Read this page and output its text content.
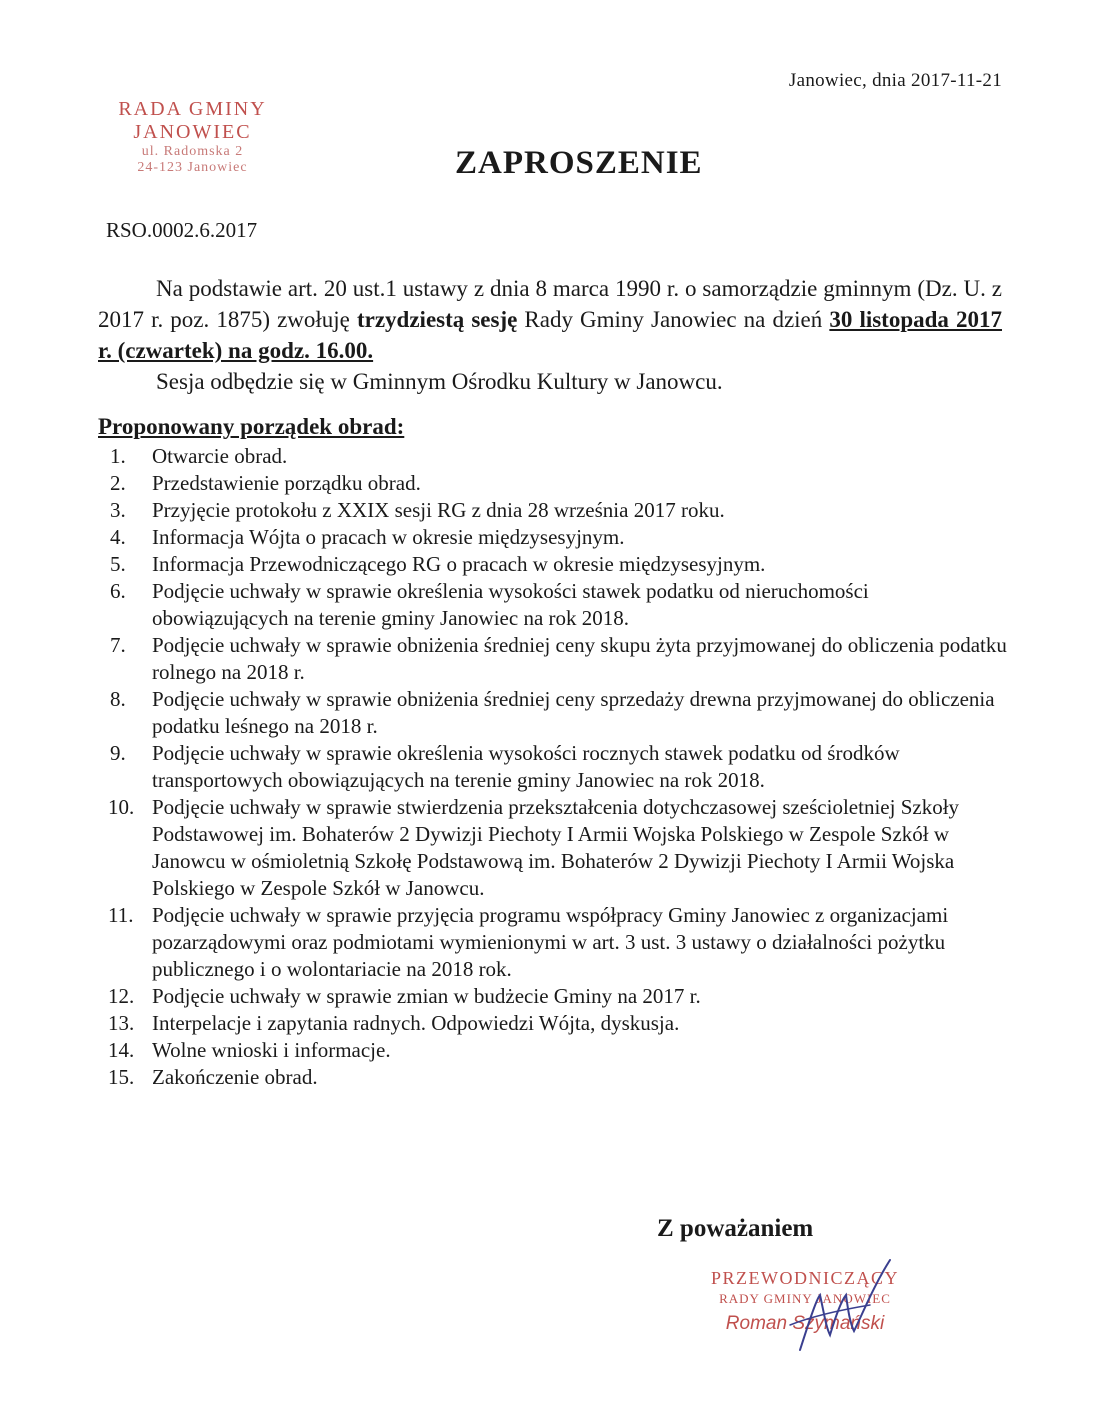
Janowiec, dnia 2017-11-21
RADA GMINY
JANOWIEC
ul. Radomska 2
24-123 Janowiec	ZAPROSZENIE
RSO.0002.6.2017

Na podstawie art. 20 ust.1 ustawy z dnia 8 marca 1990 r. o samorządzie gminnym (Dz. U. z 2017 r. poz. 1875) zwołuję trzydziestą sesję Rady Gminy Janowiec na dzień 30 listopada 2017 r. (czwartek) na godz. 16.00.

Sesja odbędzie się w Gminnym Ośrodku Kultury w Janowcu.

Proponowany porządek obrad:
1.	Otwarcie obrad.
2.	Przedstawienie porządku obrad.
3.	Przyjęcie protokołu z XXIX sesji RG z dnia 28 września 2017 roku.
4.	Informacja Wójta o pracach w okresie międzysesyjnym.
5.	Informacja Przewodniczącego RG o pracach w okresie międzysesyjnym.
6.	Podjęcie uchwały w sprawie określenia wysokości stawek podatku od nieruchomości obowiązujących na terenie gminy Janowiec na rok 2018.
7.	Podjęcie uchwały w sprawie obniżenia średniej ceny skupu żyta przyjmowanej do obliczenia podatku rolnego na 2018 r.
8.	Podjęcie uchwały w sprawie obniżenia średniej ceny sprzedaży drewna przyjmowanej do obliczenia podatku leśnego na 2018 r.
9.	Podjęcie uchwały w sprawie określenia wysokości rocznych stawek podatku od środków transportowych obowiązujących na terenie gminy Janowiec na rok 2018.
10. Podjęcie uchwały w sprawie stwierdzenia przekształcenia dotychczasowej sześcioletniej Szkoły Podstawowej im. Bohaterów 2 Dywizji Piechoty I Armii Wojska Polskiego w Zespole Szkół w Janowcu w ośmioletnią Szkołę Podstawową im. Bohaterów 2 Dywizji Piechoty I Armii Wojska Polskiego w Zespole Szkół w Janowcu.
11. Podjęcie uchwały w sprawie przyjęcia programu współpracy Gminy Janowiec z organizacjami pozarządowymi oraz podmiotami wymienionymi w art. 3 ust. 3 ustawy o działalności pożytku publicznego i o wolontariacie na 2018 rok.
12. Podjęcie uchwały w sprawie zmian w budżecie Gminy na 2017 r.
13. Interpelacje i zapytania radnych. Odpowiedzi Wójta, dyskusja.
14. Wolne wnioski i informacje.
15. Zakończenie obrad.
Z poważaniem
PRZEWODNICZĄCY
RADY GMINY JANOWIEC
Roman Szymański
